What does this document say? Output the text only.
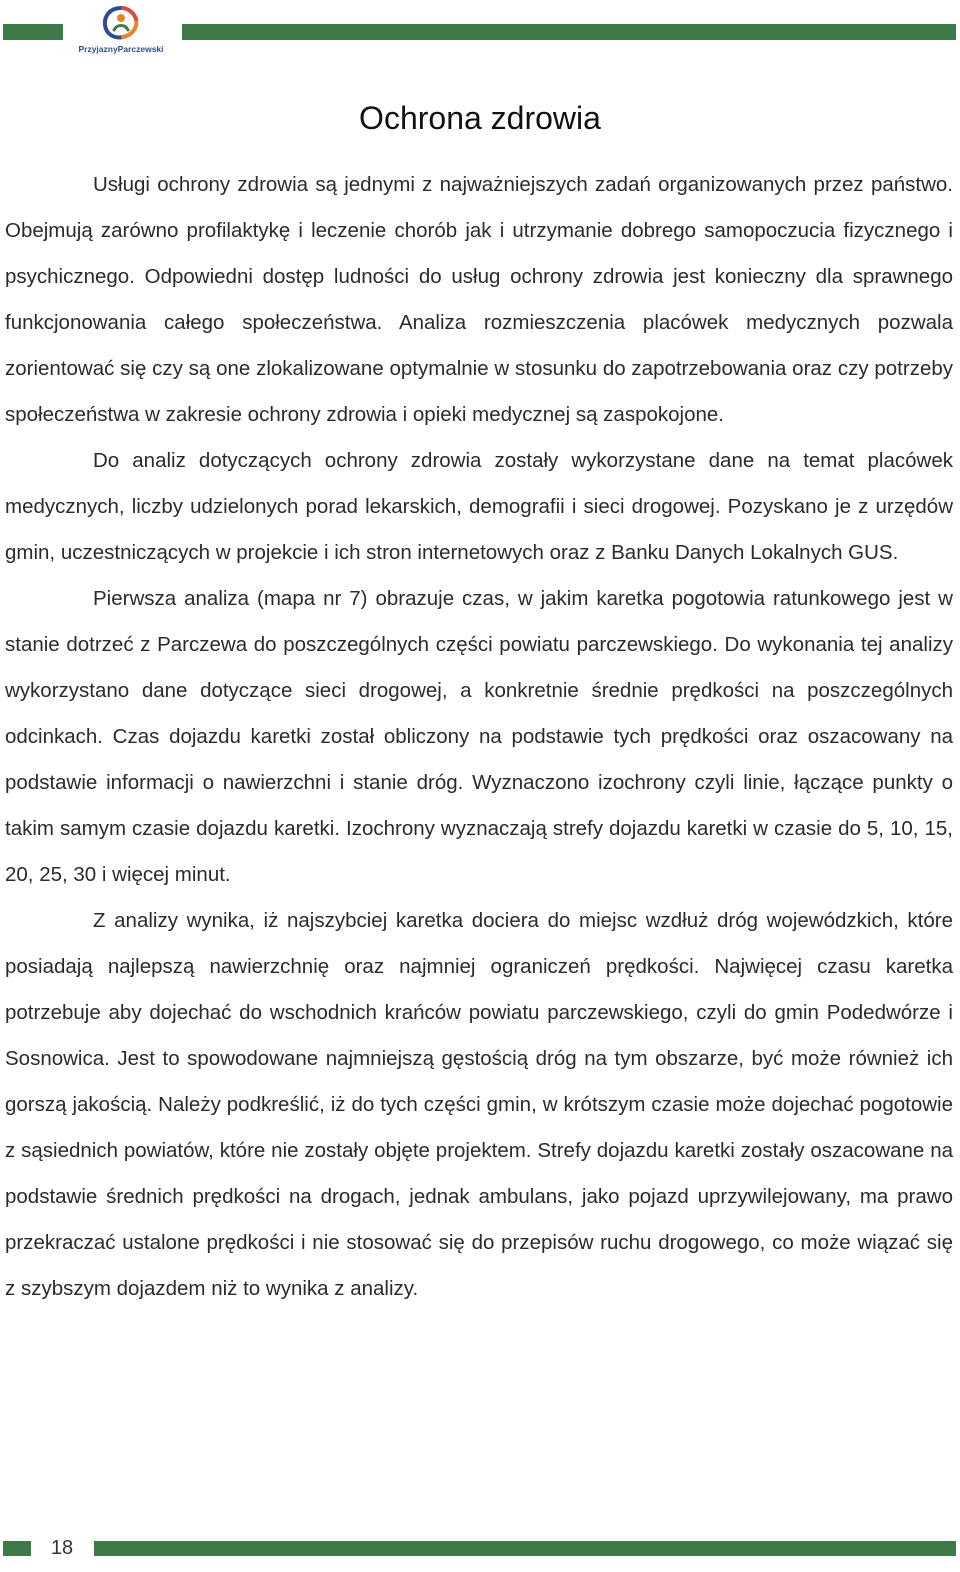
PrzyjaznyParczewski
Ochrona zdrowia

Usługi ochrony zdrowia są jednymi z najważniejszych zadań organizowanych przez państwo. Obejmują zarówno profilaktykę i leczenie chorób jak i utrzymanie dobrego samopoczucia fizycznego i psychicznego. Odpowiedni dostęp ludności do usług ochrony zdrowia jest konieczny dla sprawnego funkcjonowania całego społeczeństwa. Analiza rozmieszczenia placówek medycznych pozwala zorientować się czy są one zlokalizowane optymalnie w stosunku do zapotrzebowania oraz czy potrzeby społeczeństwa w zakresie ochrony zdrowia i opieki medycznej są zaspokojone.

Do analiz dotyczących ochrony zdrowia zostały wykorzystane dane na temat placówek medycznych, liczby udzielonych porad lekarskich, demografii i sieci drogowej. Pozyskano je z urzędów gmin, uczestniczących w projekcie i ich stron internetowych oraz z Banku Danych Lokalnych GUS.

Pierwsza analiza (mapa nr 7) obrazuje czas, w jakim karetka pogotowia ratunkowego jest w stanie dotrzeć z Parczewa do poszczególnych części powiatu parczewskiego. Do wykonania tej analizy wykorzystano dane dotyczące sieci drogowej, a konkretnie średnie prędkości na poszczególnych odcinkach. Czas dojazdu karetki został obliczony na podstawie tych prędkości oraz oszacowany na podstawie informacji o nawierzchni i stanie dróg. Wyznaczono izochrony czyli linie, łączące punkty o takim samym czasie dojazdu karetki. Izochrony wyznaczają strefy dojazdu karetki w czasie do 5, 10, 15, 20, 25, 30 i więcej minut.

Z analizy wynika, iż najszybciej karetka dociera do miejsc wzdłuż dróg wojewódzkich, które posiadają najlepszą nawierzchnię oraz najmniej ograniczeń prędkości. Najwięcej czasu karetka potrzebuje aby dojechać do wschodnich krańców powiatu parczewskiego, czyli do gmin Podedwórze i Sosnowica. Jest to spowodowane najmniejszą gęstością dróg na tym obszarze, być może również ich gorszą jakością. Należy podkreślić, iż do tych części gmin, w krótszym czasie może dojechać pogotowie z sąsiednich powiatów, które nie zostały objęte projektem. Strefy dojazdu karetki zostały oszacowane na podstawie średnich prędkości na drogach, jednak ambulans, jako pojazd uprzywilejowany, ma prawo przekraczać ustalone prędkości i nie stosować się do przepisów ruchu drogowego, co może wiązać się z szybszym dojazdem niż to wynika z analizy.

18
